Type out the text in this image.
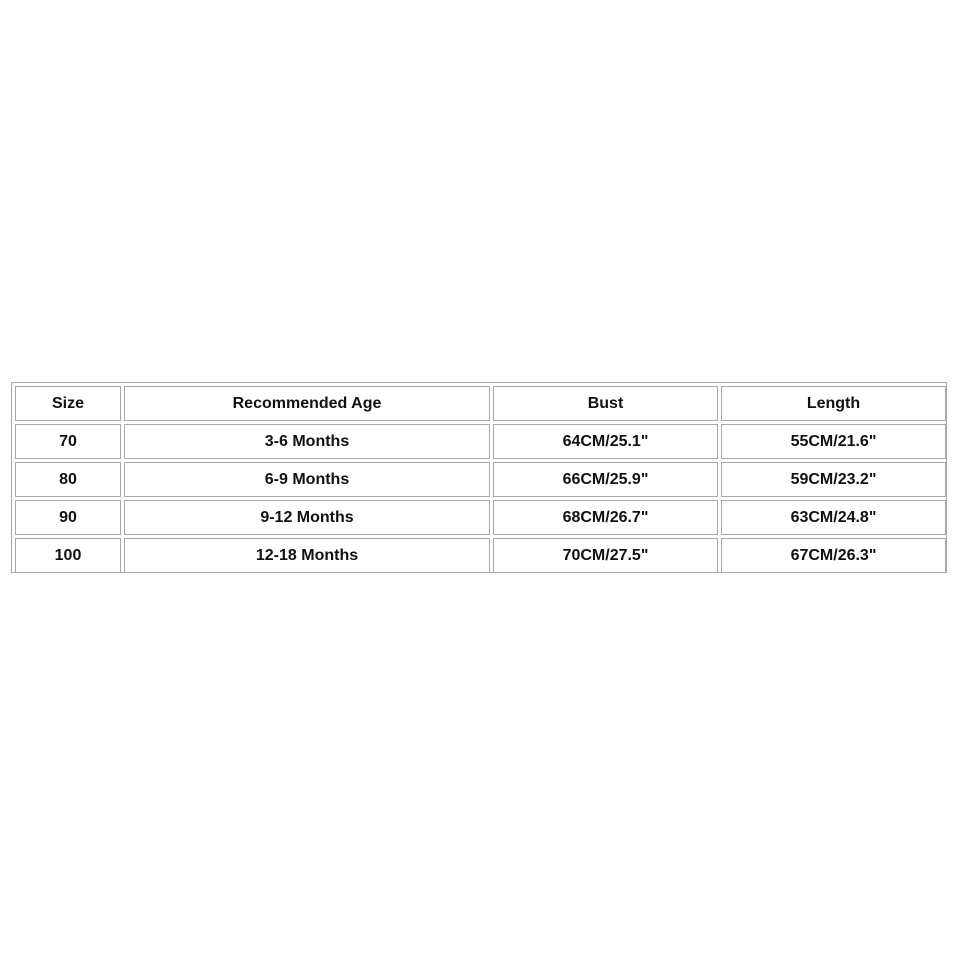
Size	Recommended Age	Bust	Length
70	3-6 Months	64CM/25.1"	55CM/21.6"
80	6-9 Months	66CM/25.9"	59CM/23.2"
90	9-12 Months	68CM/26.7"	63CM/24.8"
100	12-18 Months	70CM/27.5"	67CM/26.3"
